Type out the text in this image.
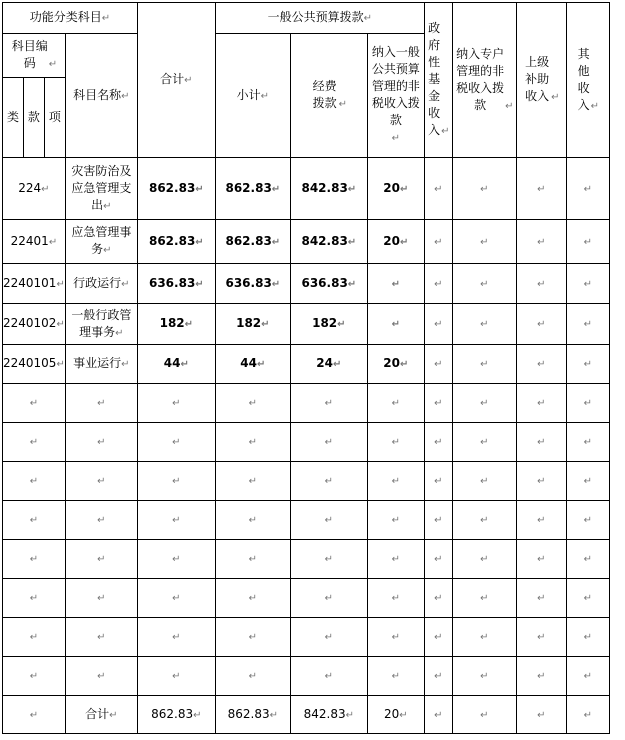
功能分类科目↵				合计↵	一般公共预算拨款↵			政府性基金收入↵	纳入专户管理的非税收入拨款 ↵	上级补助收入 ↵	其他收入↵
科目编码 ↵			科目名称↵		小计↵	经费拨款 ↵	纳入一般公共预算管理的非税收入拨款↵				
类	款	项									
224↵			灾害防治及应急管理支出↵	862.83↵	862.83↵	842.83↵	20↵	↵	↵	↵	↵
22401↵			应急管理事务↵	862.83↵	862.83↵	842.83↵	20↵	↵	↵	↵	↵
2240101↵			行政运行↵	636.83↵	636.83↵	636.83↵	↵	↵	↵	↵	↵
2240102↵			一般行政管理事务↵	182↵	182↵	182↵	↵	↵	↵	↵	↵
2240105↵			事业运行↵	44↵	44↵	24↵	20↵	↵	↵	↵	↵
↵			↵	↵	↵	↵	↵	↵	↵	↵	↵
↵			↵	↵	↵	↵	↵	↵	↵	↵	↵
↵			↵	↵	↵	↵	↵	↵	↵	↵	↵
↵			↵	↵	↵	↵	↵	↵	↵	↵	↵
↵			↵	↵	↵	↵	↵	↵	↵	↵	↵
↵			↵	↵	↵	↵	↵	↵	↵	↵	↵
↵			↵	↵	↵	↵	↵	↵	↵	↵	↵
↵			↵	↵	↵	↵	↵	↵	↵	↵	↵
↵			合计↵	862.83↵	862.83↵	842.83↵	20↵	↵	↵	↵	↵
